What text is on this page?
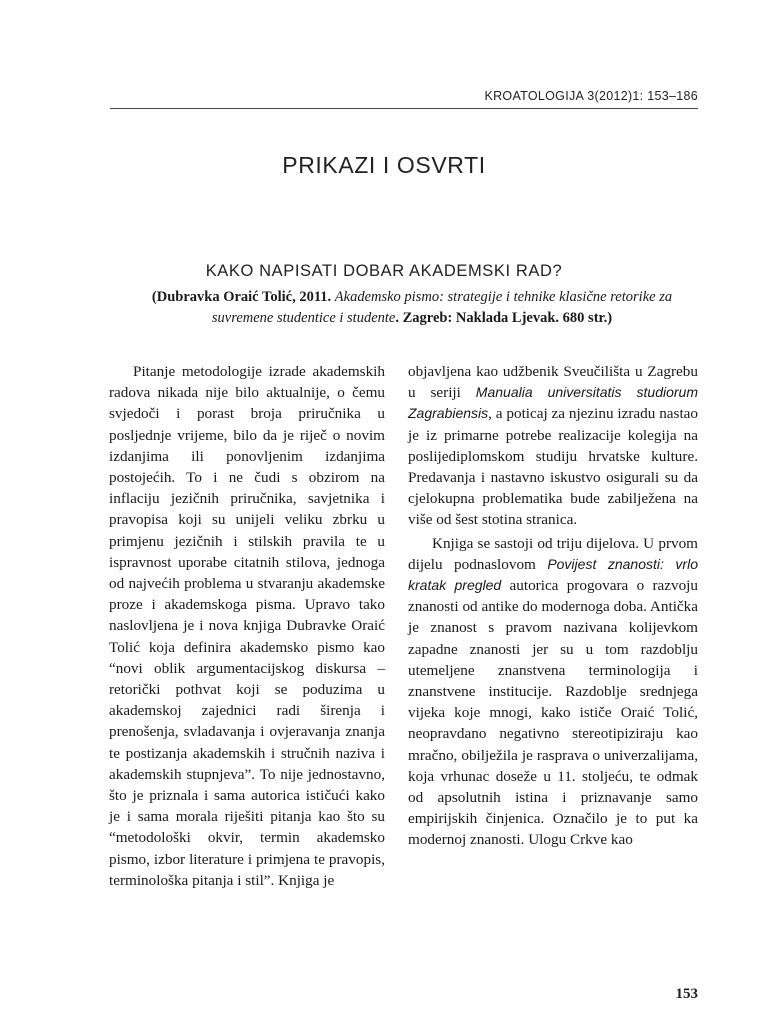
KROATOLOGIJA 3(2012)1: 153–186
PRIKAZI I OSVRTI
KAKO NAPISATI DOBAR AKADEMSKI RAD?
(Dubravka Oraić Tolić, 2011. Akademsko pismo: strategije i tehnike klasične retorike za suvremene studentice i studente. Zagreb: Naklada Ljevak. 680 str.)

Pitanje metodologije izrade akademskih radova nikada nije bilo aktualnije, o čemu svjedoči i porast broja priručnika u posljednje vrijeme, bilo da je riječ o novim izdanjima ili ponovljenim izdanjima postojećih. To i ne čudi s obzirom na inflaciju jezičnih priručnika, savjetnika i pravopisa koji su unijeli veliku zbrku u primjenu jezičnih i stilskih pravila te u ispravnost uporabe citatnih stilova, jednoga od najvećih problema u stvaranju akademske proze i akademskoga pisma. Upravo tako naslovljena je i nova knjiga Dubravke Oraić Tolić koja definira akademsko pismo kao “novi oblik argumentacijskog diskursa – retorički pothvat koji se poduzima u akademskoj zajednici radi širenja i prenošenja, svladavanja i ovjeravanja znanja te postizanja akademskih i stručnih naziva i akademskih stupnjeva”. To nije jednostavno, što je priznala i sama autorica ističući kako je i sama morala riješiti pitanja kao što su “metodološki okvir, termin akademsko pismo, izbor literature i primjena te pravopis, terminološka pitanja i stil”. Knjiga je

objavljena kao udžbenik Sveučilišta u Zagrebu u seriji Manualia universitatis studiorum Zagrabiensis, a poticaj za njezinu izradu nastao je iz primarne potrebe realizacije kolegija na poslijediplomskom studiju hrvatske kulture. Predavanja i nastavno iskustvo osigurali su da cjelokupna problematika bude zabilježena na više od šest stotina stranica.

Knjiga se sastoji od triju dijelova. U prvom dijelu podnaslovom Povijest znanosti: vrlo kratak pregled autorica progovara o razvoju znanosti od antike do modernoga doba. Antička je znanost s pravom nazivana kolijevkom zapadne znanosti jer su u tom razdoblju utemeljene znanstvena terminologija i znanstvene institucije. Razdoblje srednjega vijeka koje mnogi, kako ističe Oraić Tolić, neopravdano negativno stereotipiziraju kao mračno, obilježila je rasprava o univerzalijama, koja vrhunac doseže u 11. stoljeću, te odmak od apsolutnih istina i priznavanje samo empirijskih činjenica. Označilo je to put ka modernoj znanosti. Ulogu Crkve kao

153
